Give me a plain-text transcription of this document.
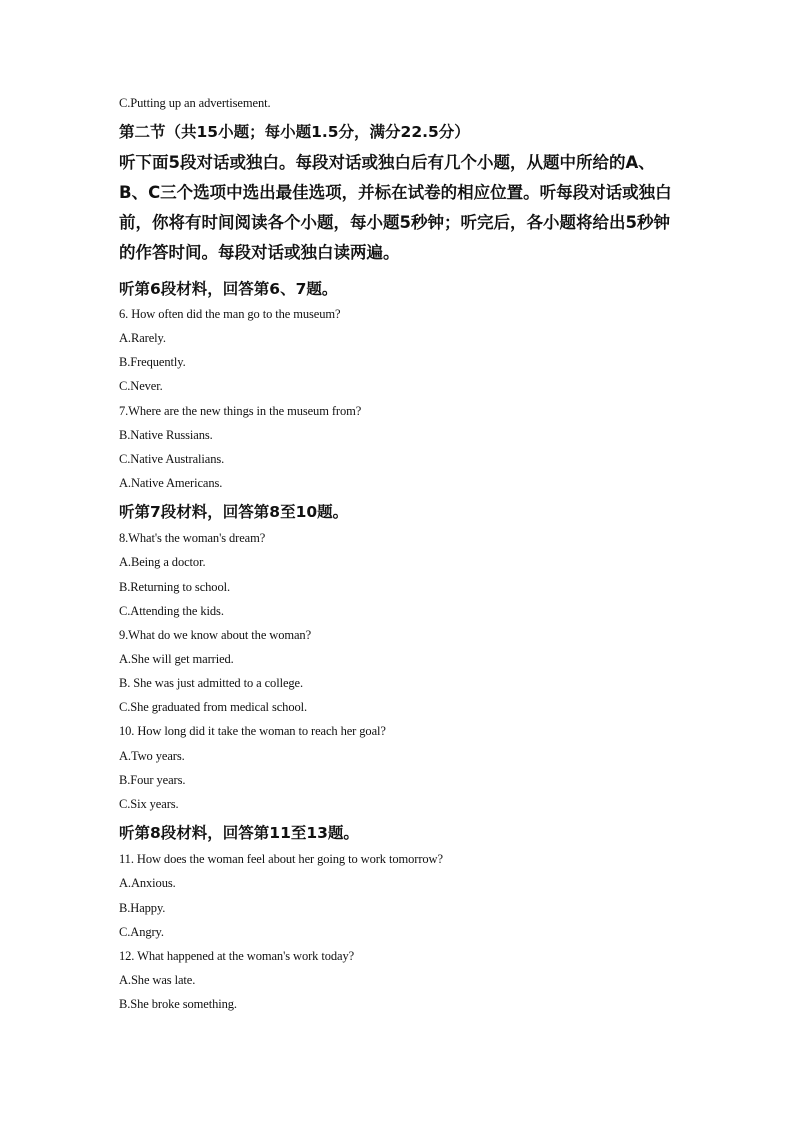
C.Putting up an advertisement.
第二节（共15小题；每小题1.5分，满分22.5分）
听下面5段对话或独白。每段对话或独白后有几个小题，从题中所给的A、B、C三个选项中选出最佳选项，并标在试卷的相应位置。听每段对话或独白前，你将有时间阅读各个小题，每小题5秒钟；听完后，各小题将给出5秒钟的作答时间。每段对话或独白读两遍。
听第6段材料，回答第6、7题。
6. How often did the man go to the museum?
A.Rarely.
B.Frequently.
C.Never.
7.Where are the new things in the museum from?
B.Native Russians.
C.Native Australians.
A.Native Americans.
听第7段材料，回答第8至10题。
8.What's the woman's dream?
A.Being a doctor.
B.Returning to school.
C.Attending the kids.
9.What do we know about the woman?
A.She will get married.
B. She was just admitted to a college.
C.She graduated from medical school.
10. How long did it take the woman to reach her goal?
A.Two years.
B.Four years.
C.Six years.
听第8段材料，回答第11至13题。
11. How does the woman feel about her going to work tomorrow?
A.Anxious.
B.Happy.
C.Angry.
12. What happened at the woman's work today?
A.She was late.
B.She broke something.
